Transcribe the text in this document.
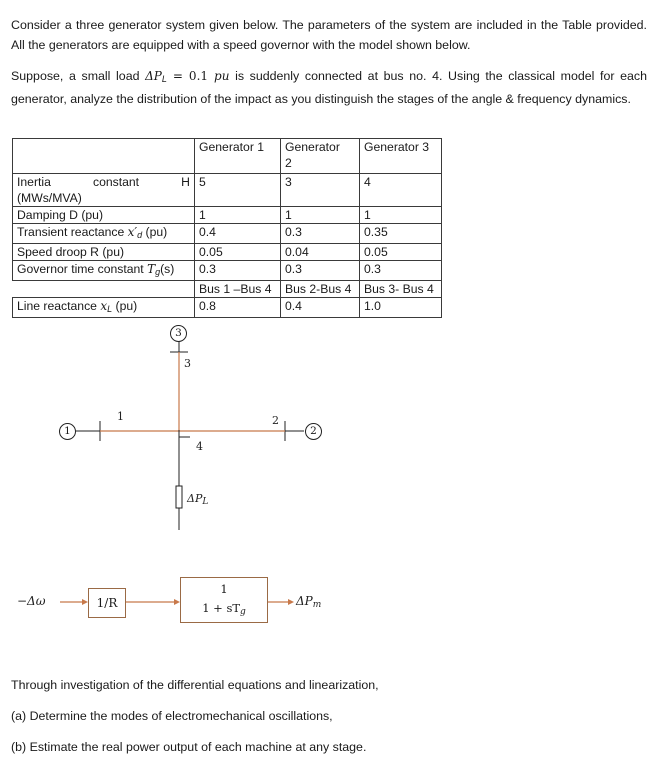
Consider a three generator system given below. The parameters of the system are included in the Table provided. All the generators are equipped with a speed governor with the model shown below.

Suppose, a small load $\Delta P_L = 0.1$ pu is suddenly connected at bus no. 4. Using the classical model for each generator, analyze the distribution of the impact as you distinguish the stages of the angle & frequency dynamics.

	Generator 1	Generator 2	Generator 3

Inertia constant H
(MWs/MVA)	5	3	4
Damping D (pu)	1	1	1
Transient reactance $x'_d$ (pu)	0.4	0.3	0.35
Speed droop R (pu)	0.05	0.04	0.05
Governor time constant $T_g(s)$	0.3	0.3	0.3
	Bus 1 –Bus 4	Bus 2-Bus 4	Bus 3- Bus 4
Line reactance $x_L$ (pu)	0.8	0.4	1.0
3
3
1
1
2
2
4
$\Delta P_L$
−Δω	1/R
1
$1 + sT_g$
$\Delta P_m$

Through investigation of the differential equations and linearization,

(a) Determine the modes of electromechanical oscillations,

(b) Estimate the real power output of each machine at any stage.
